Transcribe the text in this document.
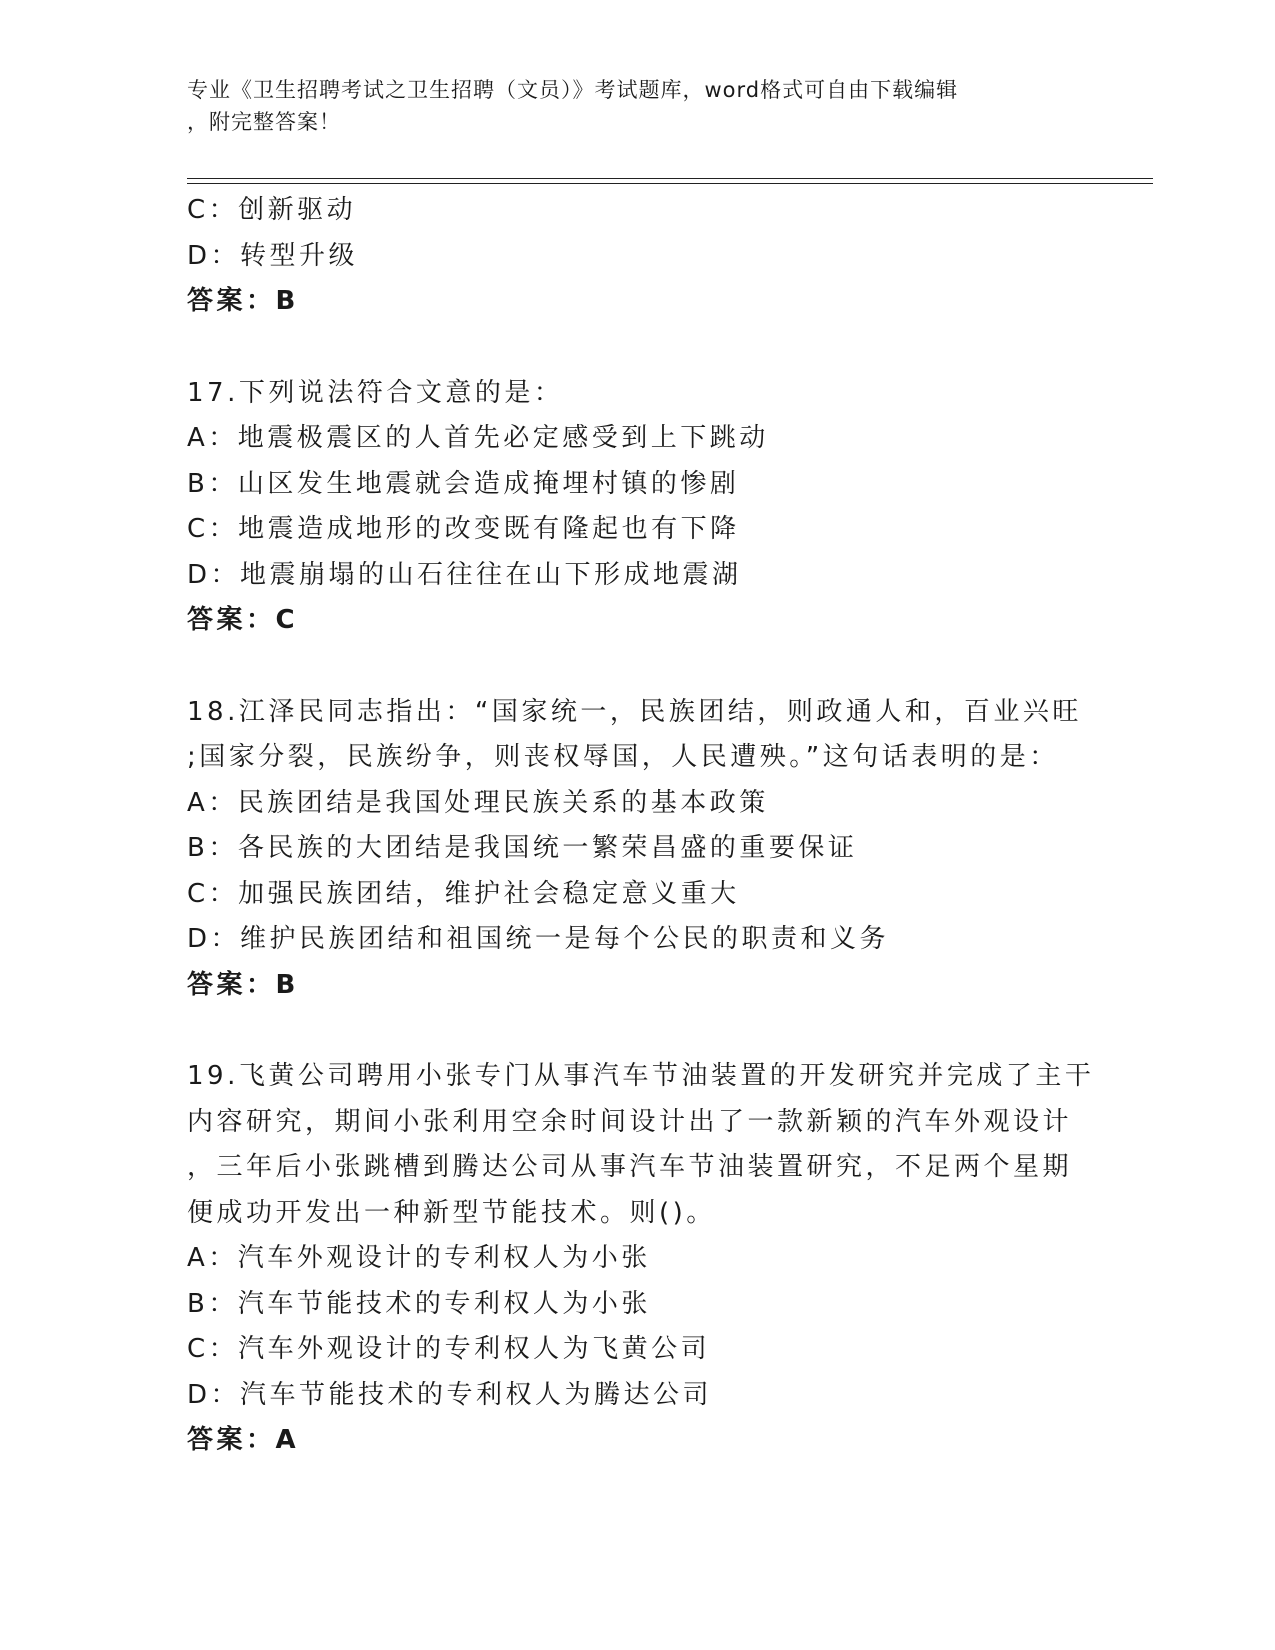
专业《卫生招聘考试之卫生招聘（文员）》考试题库，word格式可自由下载编辑
，附完整答案！
C：创新驱动
D：转型升级
答案：B
17.下列说法符合文意的是：
A：地震极震区的人首先必定感受到上下跳动
B：山区发生地震就会造成掩埋村镇的惨剧
C：地震造成地形的改变既有隆起也有下降
D：地震崩塌的山石往往在山下形成地震湖
答案：C
18.江泽民同志指出：“国家统一，民族团结，则政通人和，百业兴旺
;国家分裂，民族纷争，则丧权辱国，人民遭殃。”这句话表明的是：
A：民族团结是我国处理民族关系的基本政策
B：各民族的大团结是我国统一繁荣昌盛的重要保证
C：加强民族团结，维护社会稳定意义重大
D：维护民族团结和祖国统一是每个公民的职责和义务
答案：B
19.飞黄公司聘用小张专门从事汽车节油装置的开发研究并完成了主干
内容研究，期间小张利用空余时间设计出了一款新颖的汽车外观设计
，三年后小张跳槽到腾达公司从事汽车节油装置研究，不足两个星期
便成功开发出一种新型节能技术。则()。
A：汽车外观设计的专利权人为小张
B：汽车节能技术的专利权人为小张
C：汽车外观设计的专利权人为飞黄公司
D：汽车节能技术的专利权人为腾达公司
答案：A
